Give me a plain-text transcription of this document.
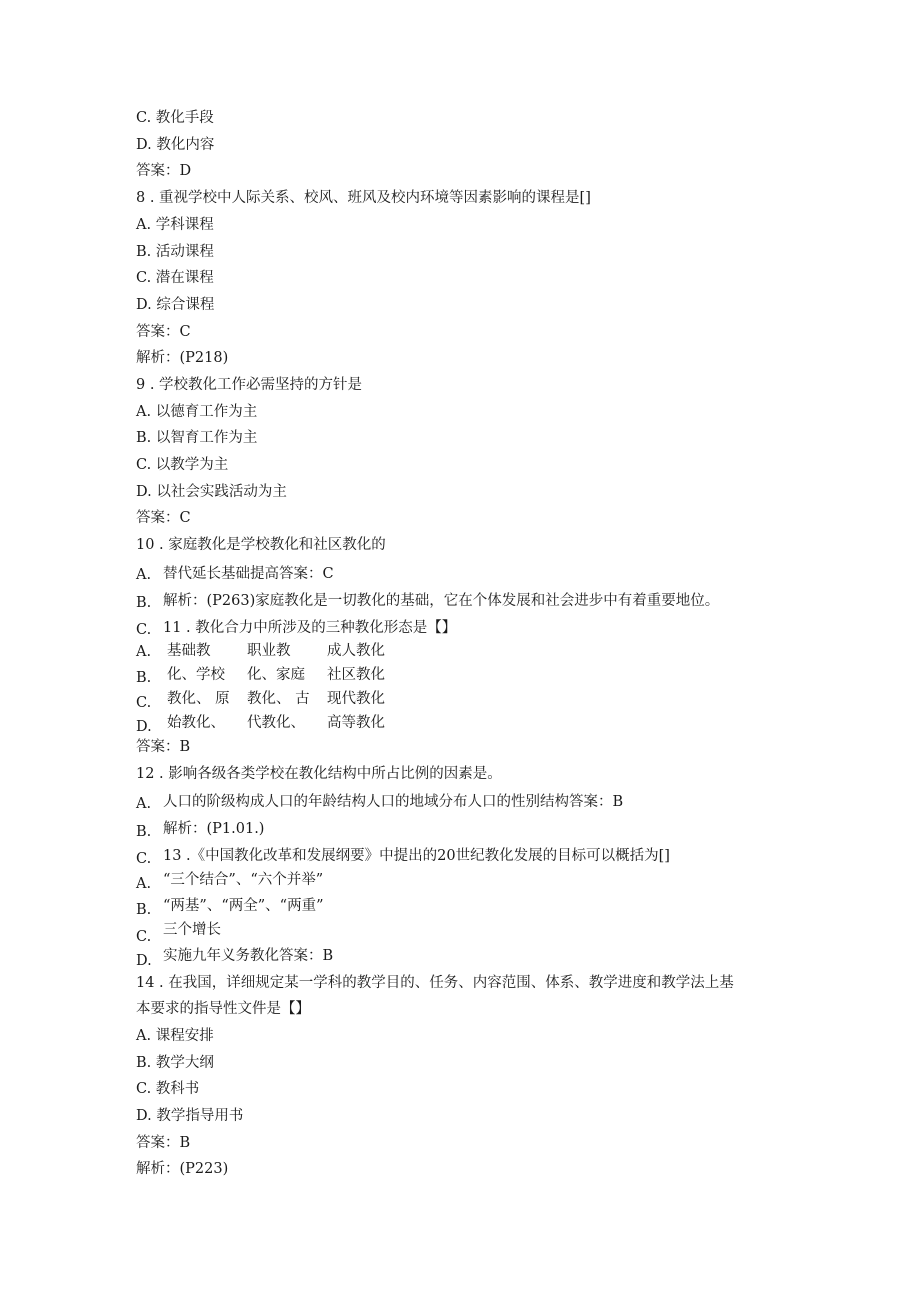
C. 教化手段
D. 教化内容
答案：D
8 . 重视学校中人际关系、校风、班风及校内环境等因素影响的课程是[]
A. 学科课程
B. 活动课程
C. 潜在课程
D. 综合课程
答案：C
解析：(P218)
9 . 学校教化工作必需坚持的方针是
A. 以德育工作为主
B. 以智育工作为主
C. 以教学为主
D. 以社会实践活动为主
答案：C
10 . 家庭教化是学校教化和社区教化的
A. 替代延长基础提高答案：C
B. 解析：(P263)家庭教化是一切教化的基础，它在个体发展和社会进步中有着重要地位。
C. 11 . 教化合力中所涉及的三种教化形态是【】
A. 基础教	职业教	成人教化
B. 化、学校 化、家庭 社区教化
C. 教化、 原 教化、 古 现代教化
D. 始教化、 代教化、 高等教化
答案：B
12 . 影响各级各类学校在教化结构中所占比例的因素是。
A. 人口的阶级构成人口的年龄结构人口的地域分布人口的性别结构答案：B
B. 解析：(P1.01.)
C. 13 .《中国教化改革和发展纲要》中提出的20世纪教化发展的目标可以概括为[]
A. “三个结合”、“六个并举”
B. “两基”、“两全”、“两重”
C. 三个增长
D. 实施九年义务教化答案：B
14 . 在我国，详细规定某一学科的教学目的、任务、内容范围、体系、教学进度和教学法上基
本要求的指导性文件是【】
A. 课程安排
B. 教学大纲
C. 教科书
D. 教学指导用书
答案：B
解析：(P223)
